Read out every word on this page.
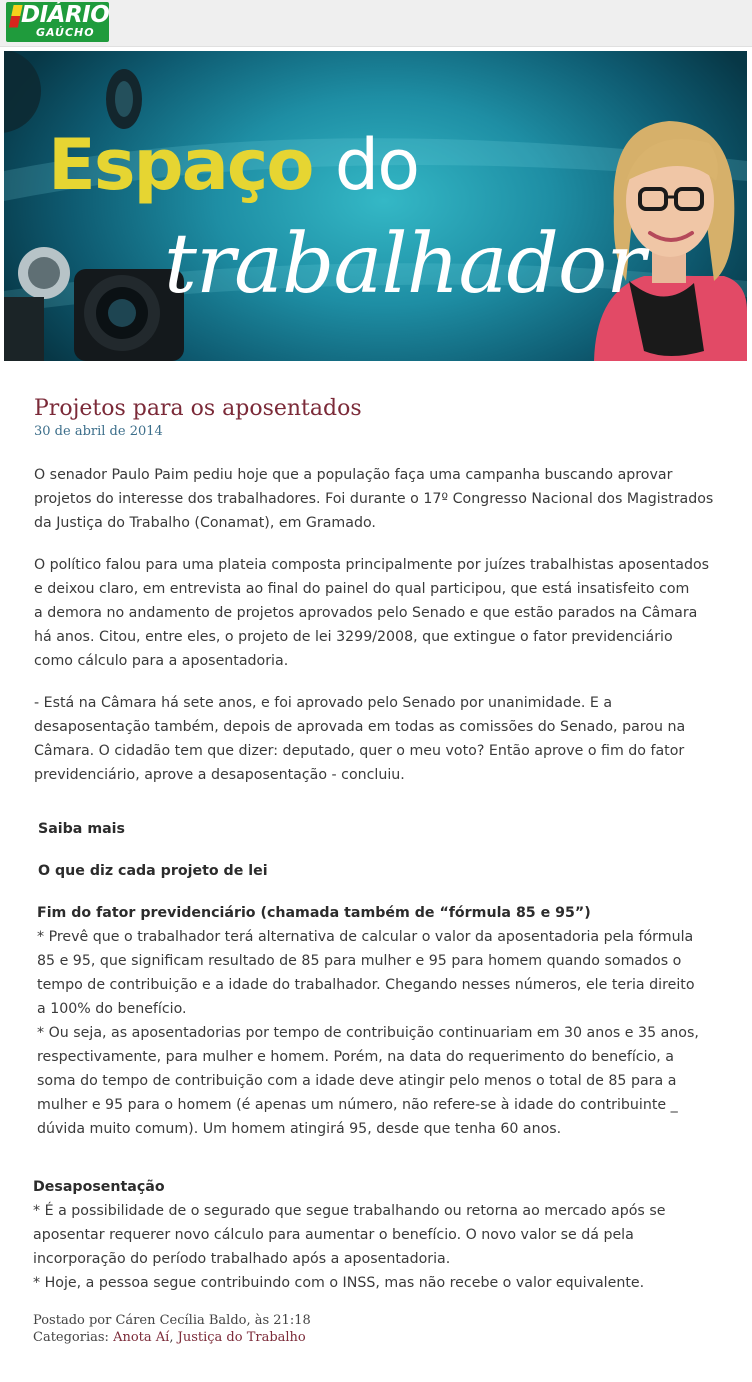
DIÁRIO
GAÚCHO
Espaço do
trabalhador
Projetos para os aposentados
30 de abril de 2014

O senador Paulo Paim pediu hoje que a população faça uma campanha buscando aprovar
projetos do interesse dos trabalhadores. Foi durante o 17º Congresso Nacional dos Magistrados
da Justiça do Trabalho (Conamat), em Gramado.

O político falou para uma plateia composta principalmente por juízes trabalhistas aposentados
e deixou claro, em entrevista ao final do painel do qual participou, que está insatisfeito com
a demora no andamento de projetos aprovados pelo Senado e que estão parados na Câmara
há anos. Citou, entre eles, o projeto de lei 3299/2008, que extingue o fator previdenciário
como cálculo para a aposentadoria.

- Está na Câmara há sete anos, e foi aprovado pelo Senado por unanimidade. E a
desaposentação também, depois de aprovada em todas as comissões do Senado, parou na
Câmara. O cidadão tem que dizer: deputado, quer o meu voto? Então aprove o fim do fator
previdenciário, aprove a desaposentação - concluiu.

Saiba mais
O que diz cada projeto de lei

Fim do fator previdenciário (chamada também de “fórmula 85 e 95”)
* Prevê que o trabalhador terá alternativa de calcular o valor da aposentadoria pela fórmula
85 e 95, que significam resultado de 85 para mulher e 95 para homem quando somados o
tempo de contribuição e a idade do trabalhador. Chegando nesses números, ele teria direito
a 100% do benefício.
* Ou seja, as aposentadorias por tempo de contribuição continuariam em 30 anos e 35 anos,
respectivamente, para mulher e homem. Porém, na data do requerimento do benefício, a
soma do tempo de contribuição com a idade deve atingir pelo menos o total de 85 para a
mulher e 95 para o homem (é apenas um número, não refere-se à idade do contribuinte _
dúvida muito comum). Um homem atingirá 95, desde que tenha 60 anos.

Desaposentação
* É a possibilidade de o segurado que segue trabalhando ou retorna ao mercado após se
aposentar requerer novo cálculo para aumentar o benefício. O novo valor se dá pela
incorporação do período trabalhado após a aposentadoria.
* Hoje, a pessoa segue contribuindo com o INSS, mas não recebe o valor equivalente.

Postado por Cáren Cecília Baldo, às 21:18
Categorias: Anota Aí, Justiça do Trabalho
